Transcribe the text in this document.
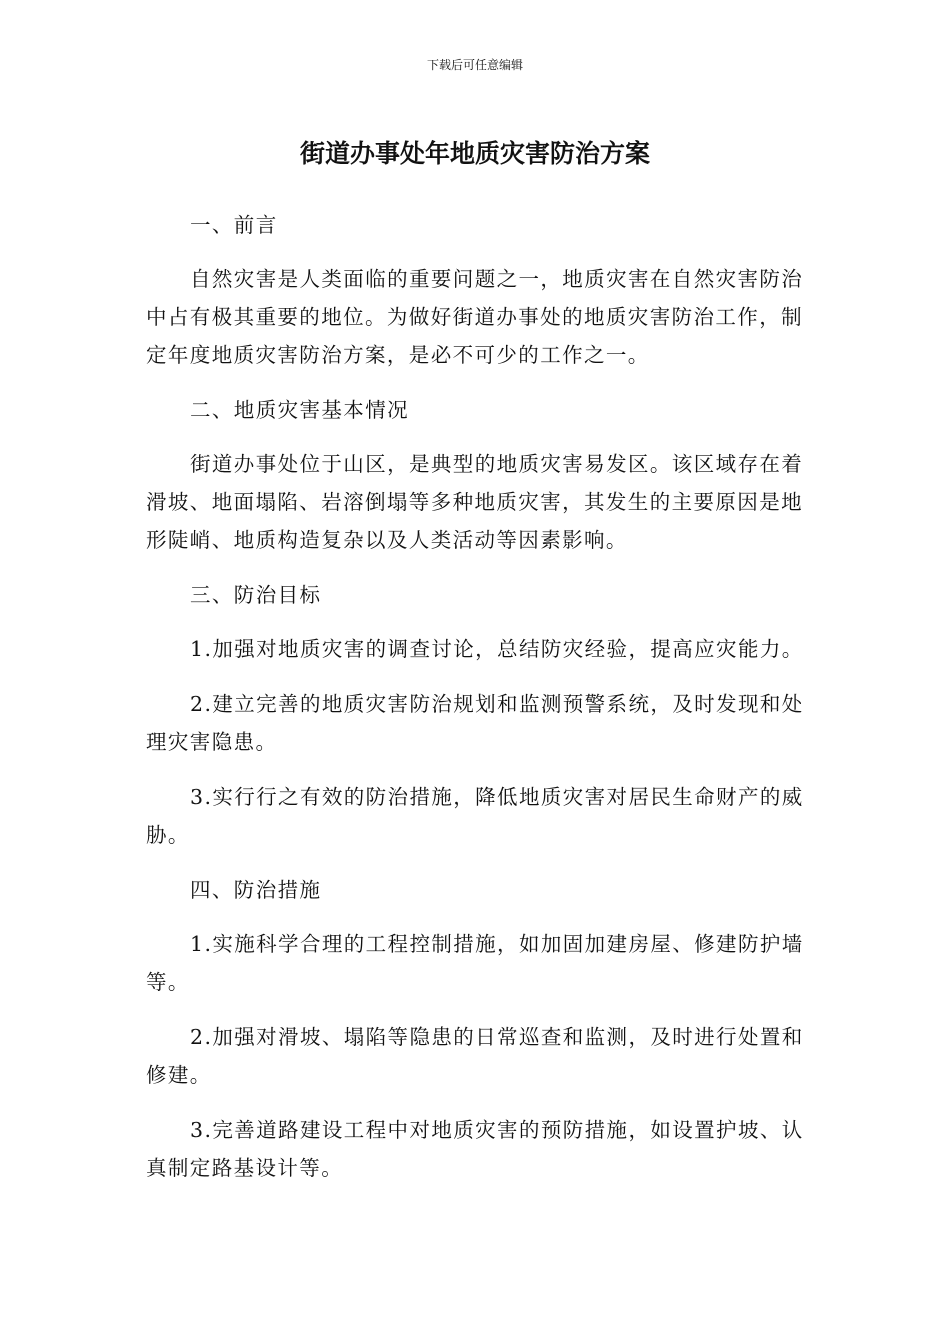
下载后可任意编辑
街道办事处年地质灾害防治方案

一、前言

自然灾害是人类面临的重要问题之一，地质灾害在自然灾害防治中占有极其重要的地位。为做好街道办事处的地质灾害防治工作，制定年度地质灾害防治方案，是必不可少的工作之一。

二、地质灾害基本情况

街道办事处位于山区，是典型的地质灾害易发区。该区域存在着滑坡、地面塌陷、岩溶倒塌等多种地质灾害，其发生的主要原因是地形陡峭、地质构造复杂以及人类活动等因素影响。

三、防治目标

1.加强对地质灾害的调查讨论，总结防灾经验，提高应灾能力。

2.建立完善的地质灾害防治规划和监测预警系统，及时发现和处理灾害隐患。

3.实行行之有效的防治措施，降低地质灾害对居民生命财产的威胁。

四、防治措施

1.实施科学合理的工程控制措施，如加固加建房屋、修建防护墙等。

2.加强对滑坡、塌陷等隐患的日常巡查和监测，及时进行处置和修建。

3.完善道路建设工程中对地质灾害的预防措施，如设置护坡、认真制定路基设计等。
